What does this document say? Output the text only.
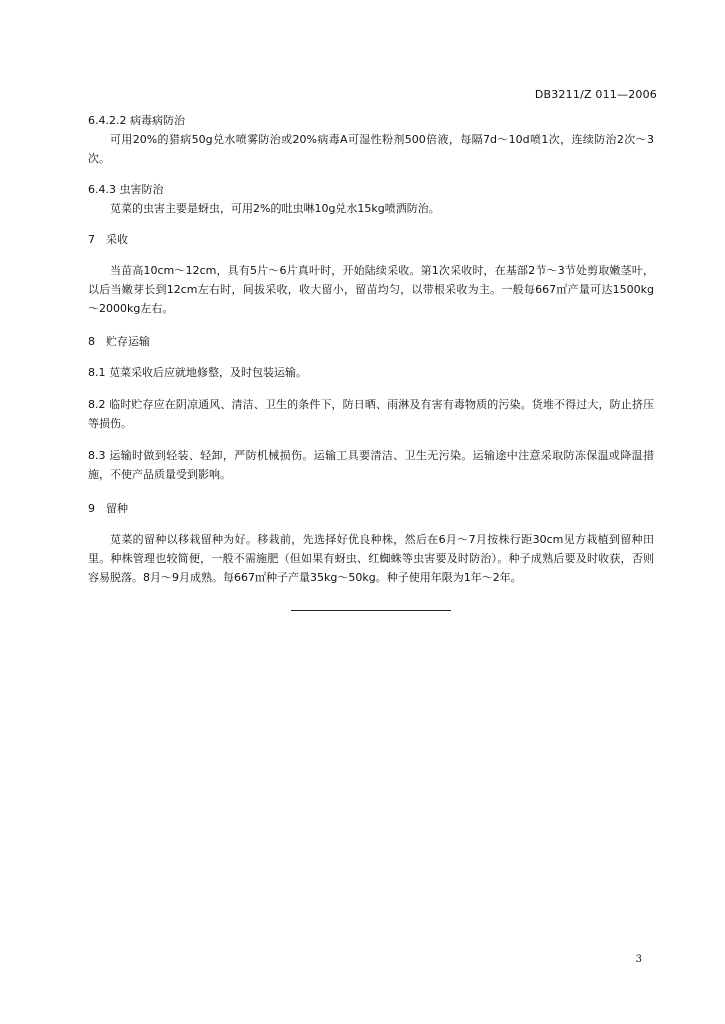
DB3211/Z 011—2006

6.4.2.2 病毒病防治

可用20%的猎病50g兑水喷雾防治或20%病毒A可湿性粉剂500倍液，每隔7d～10d喷1次，连续防治2次～3次。

6.4.3 虫害防治

苋菜的虫害主要是蚜虫，可用2%的吡虫啉10g兑水15kg喷洒防治。

7　采收

当苗高10cm～12cm，具有5片～6片真叶时，开始陆续采收。第1次采收时，在基部2节～3节处剪取嫩茎叶，以后当嫩芽长到12cm左右时，间拔采收，收大留小，留苗均匀，以带根采收为主。一般每667㎡产量可达1500kg～2000kg左右。

8　贮存运输

8.1 苋菜采收后应就地修整，及时包装运输。

8.2 临时贮存应在阴凉通风、清洁、卫生的条件下，防日晒、雨淋及有害有毒物质的污染。货堆不得过大，防止挤压等损伤。

8.3 运输时做到轻装、轻卸，严防机械损伤。运输工具要清洁、卫生无污染。运输途中注意采取防冻保温或降温措施，不使产品质量受到影响。

9　留种

苋菜的留种以移栽留种为好。移栽前，先选择好优良种株，然后在6月～7月按株行距30cm见方栽植到留种田里。种株管理也较简便，一般不需施肥（但如果有蚜虫、红蜘蛛等虫害要及时防治）。种子成熟后要及时收获，否则容易脱落。8月～9月成熟。每667㎡种子产量35kg～50kg。种子使用年限为1年～2年。

3
